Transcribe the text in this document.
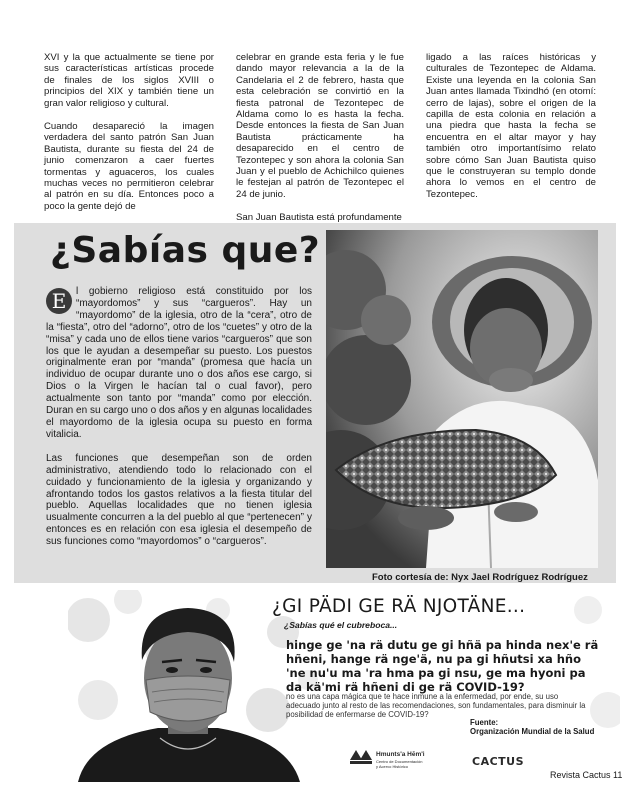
XVI y la que actualmente se tiene por sus características artísticas procede de finales de los siglos XVIII o principios del XIX y también tiene un gran valor religioso y cultural.

Cuando desapareció la imagen verdadera del santo patrón San Juan Bautista, durante su fiesta del 24 de junio comenzaron a caer fuertes tormentas y aguaceros, los cuales muchas veces no permitieron celebrar al patrón en su día. Entonces poco a poco la gente dejó de

celebrar en grande esta feria y le fue dando mayor relevancia a la de la Candelaria el 2 de febrero, hasta que esta celebración se convirtió en la fiesta patronal de Tezontepec de Aldama como lo es hasta la fecha. Desde entonces la fiesta de San Juan Bautista prácticamente ha desaparecido en el centro de Tezontepec y son ahora la colonia San Juan y el pueblo de Achichilco quienes le festejan al patrón de Tezontepec el 24 de junio.

San Juan Bautista está profundamente

ligado a las raíces históricas y culturales de Tezontepec de Aldama. Existe una leyenda en la colonia San Juan antes llamada Tixindhó (en otomí: cerro de lajas), sobre el origen de la capilla de esta colonia en relación a una piedra que hasta la fecha se encuentra en el altar mayor y hay también otro importantísimo relato sobre cómo San Juan Bautista quiso que le construyeran su templo donde ahora lo vemos en el centro de Tezontepec.

¿Sabías que?

E l gobierno religioso está constituido por los “mayordomos” y sus “cargueros”. Hay un “mayordomo” de la iglesia, otro de la “cera”, otro de la “fiesta”, otro del “adorno”, otro de los “cuetes” y otro de la “misa” y cada uno de ellos tiene varios “cargueros” que son los que le ayudan a desempeñar su puesto. Los puestos originalmente eran por “manda” (promesa que hacía un individuo de ocupar durante uno o dos años ese cargo, si Dios o la Virgen le hacían tal o cual favor), pero actualmente son tanto por “manda” como por elección. Duran en su cargo uno o dos años y en algunas localidades el mayordomo de la iglesia ocupa su puesto en forma vitalicia.

Las funciones que desempeñan son de orden administrativo, atendiendo todo lo relacionado con el cuidado y funcionamiento de la iglesia y organizando y afrontando todos los gastos relativos a la fiesta titular del pueblo. Aquellas localidades que no tienen iglesia usualmente concurren a la del pueblo al que “pertenecen” y entonces es en relación con esa iglesia el desempeño de sus funciones como “mayordomos” o “cargueros”.

Foto cortesía de: Nyx Jael Rodríguez Rodríguez
¿GI PÄDI GE RÄ NJOTÄNE...
¿Sabías qué el cubreboca...
hinge ge 'na rä dutu ge gi hñä pa hinda nex'e rä hñeni, hange rä nge'ä, nu pa gi hñutsi xa hño 'ne nu'u ma 'ra hma pa gi nsu, ge ma hyoni pa da kä'mi rä hñeni di ge rä COVID-19?
no es una capa mágica que te hace inmune a la enfermedad, por ende, su uso adecuado junto al resto de las recomendaciones, son fundamentales, para disminuir la posibilidad de enfermarse de COVID-19?
Fuente:
Organización Mundial de la Salud
Hmunts'a Hēm'i
Centro de Documentación
y Acervo Histórico	CACTUS
Revista Cactus 11
